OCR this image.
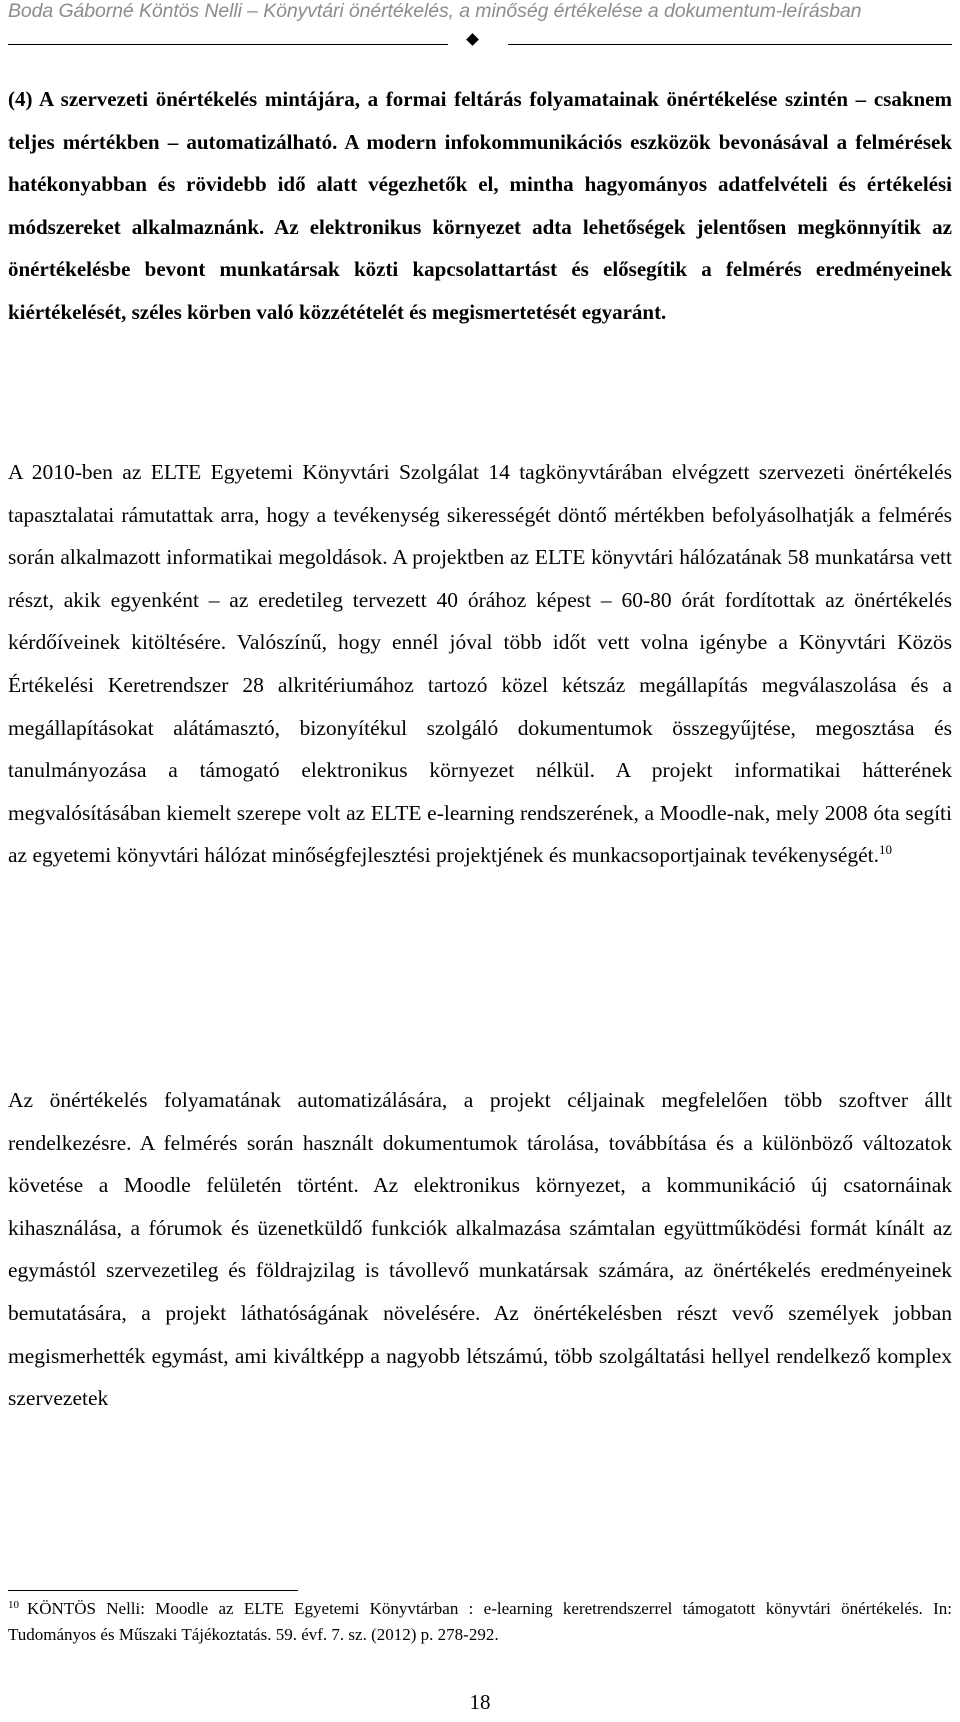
Boda Gáborné Köntös Nelli – Könyvtári önértékelés, a minőség értékelése a dokumentum-leírásban

(4) A szervezeti önértékelés mintájára, a formai feltárás folyamatainak önértékelése szintén – csaknem teljes mértékben – automatizálható. A modern infokommunikációs eszközök bevonásával a felmérések hatékonyabban és rövidebb idő alatt végezhetők el, mintha hagyományos adatfelvételi és értékelési módszereket alkalmaznánk. Az elektronikus környezet adta lehetőségek jelentősen megkönnyítik az önértékelésbe bevont munkatársak közti kapcsolattartást és elősegítik a felmérés eredményeinek kiértékelését, széles körben való közzétételét és megismertetését egyaránt.

A 2010-ben az ELTE Egyetemi Könyvtári Szolgálat 14 tagkönyvtárában elvégzett szervezeti önértékelés tapasztalatai rámutattak arra, hogy a tevékenység sikerességét döntő mértékben befolyásolhatják a felmérés során alkalmazott informatikai megoldások. A projektben az ELTE könyvtári hálózatának 58 munkatársa vett részt, akik egyenként – az eredetileg tervezett 40 órához képest – 60-80 órát fordítottak az önértékelés kérdőíveinek kitöltésére. Valószínű, hogy ennél jóval több időt vett volna igénybe a Könyvtári Közös Értékelési Keretrendszer 28 alkritériumához tartozó közel kétszáz megállapítás megválaszolása és a megállapításokat alátámasztó, bizonyítékul szolgáló dokumentumok összegyűjtése, megosztása és tanulmányozása a támogató elektronikus környezet nélkül. A projekt informatikai hátterének megvalósításában kiemelt szerepe volt az ELTE e-learning rendszerének, a Moodle-nak, mely 2008 óta segíti az egyetemi könyvtári hálózat minőségfejlesztési projektjének és munkacsoportjainak tevékenységét.$^{10}$

Az önértékelés folyamatának automatizálására, a projekt céljainak megfelelően több szoftver állt rendelkezésre. A felmérés során használt dokumentumok tárolása, továbbítása és a különböző változatok követése a Moodle felületén történt. Az elektronikus környezet, a kommunikáció új csatornáinak kihasználása, a fórumok és üzenetküldő funkciók alkalmazása számtalan együttműködési formát kínált az egymástól szervezetileg és földrajzilag is távollevő munkatársak számára, az önértékelés eredményeinek bemutatására, a projekt láthatóságának növelésére. Az önértékelésben részt vevő személyek jobban megismerhették egymást, ami kiváltképp a nagyobb létszámú, több szolgáltatási hellyel rendelkező komplex szervezetek

$^{10}$ KÖNTÖS Nelli: Moodle az ELTE Egyetemi Könyvtárban : e-learning keretrendszerrel támogatott könyvtári önértékelés. In: Tudományos és Műszaki Tájékoztatás. 59. évf. 7. sz. (2012) p. 278-292.

18
